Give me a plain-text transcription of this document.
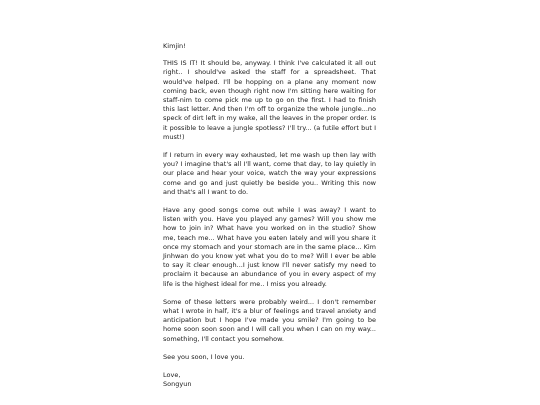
Kimjin!

THIS IS IT! It should be, anyway. I think I've calculated it all out right.. I should've asked the staff for a spreadsheet. That would've helped. I'll be hopping on a plane any moment now coming back, even though right now I'm sitting here waiting for staff-nim to come pick me up to go on the first. I had to finish this last letter. And then I'm off to organize the whole jungle...no speck of dirt left in my wake, all the leaves in the proper order. Is it possible to leave a jungle spotless? I'll try... (a futile effort but I must!)

If I return in every way exhausted, let me wash up then lay with you? I imagine that's all I'll want, come that day, to lay quietly in our place and hear your voice, watch the way your expressions come and go and just quietly be beside you.. Writing this now and that's all I want to do.

Have any good songs come out while I was away? I want to listen with you. Have you played any games? Will you show me how to join in? What have you worked on in the studio? Show me, teach me... What have you eaten lately and will you share it once my stomach and your stomach are in the same place... Kim Jinhwan do you know yet what you do to me? Will I ever be able to say it clear enough...I just know I'll never satisfy my need to proclaim it because an abundance of you in every aspect of my life is the highest ideal for me.. I miss you already.

Some of these letters were probably weird... I don't remember what I wrote in half, it's a blur of feelings and travel anxiety and anticipation but I hope I've made you smile? I'm going to be home soon soon soon and I will call you when I can on my way... something, I'll contact you somehow.

See you soon, I love you.

Love,
Songyun
